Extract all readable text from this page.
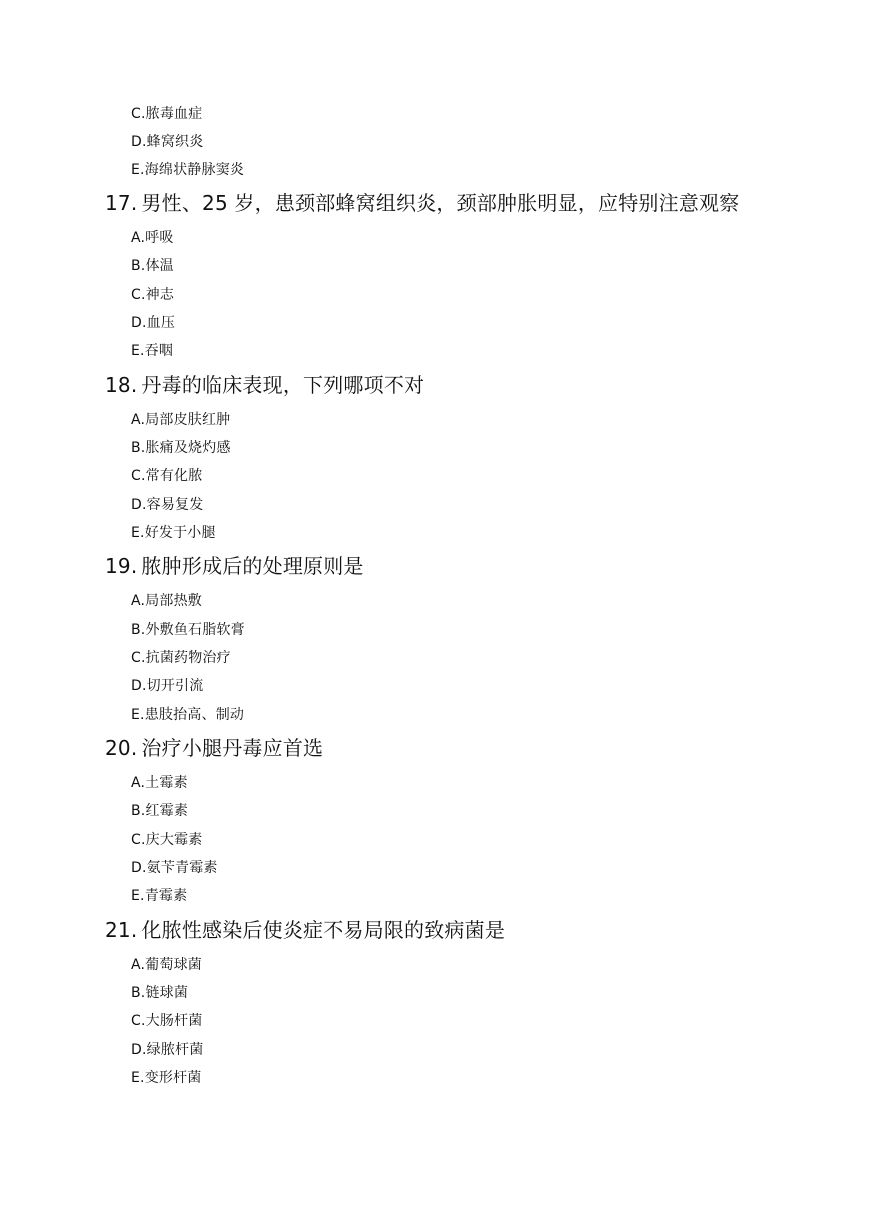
C.脓毒血症
D.蜂窝织炎
E.海绵状静脉窦炎
17. 男性、25 岁，患颈部蜂窝组织炎，颈部肿胀明显，应特别注意观察
A.呼吸
B.体温
C.神志
D.血压
E.吞咽
18. 丹毒的临床表现，下列哪项不对
A.局部皮肤红肿
B.胀痛及烧灼感
C.常有化脓
D.容易复发
E.好发于小腿
19. 脓肿形成后的处理原则是
A.局部热敷
B.外敷鱼石脂软膏
C.抗菌药物治疗
D.切开引流
E.患肢抬高、制动
20. 治疗小腿丹毒应首选
A.土霉素
B.红霉素
C.庆大霉素
D.氨苄青霉素
E.青霉素
21. 化脓性感染后使炎症不易局限的致病菌是
A.葡萄球菌
B.链球菌
C.大肠杆菌
D.绿脓杆菌
E.变形杆菌
